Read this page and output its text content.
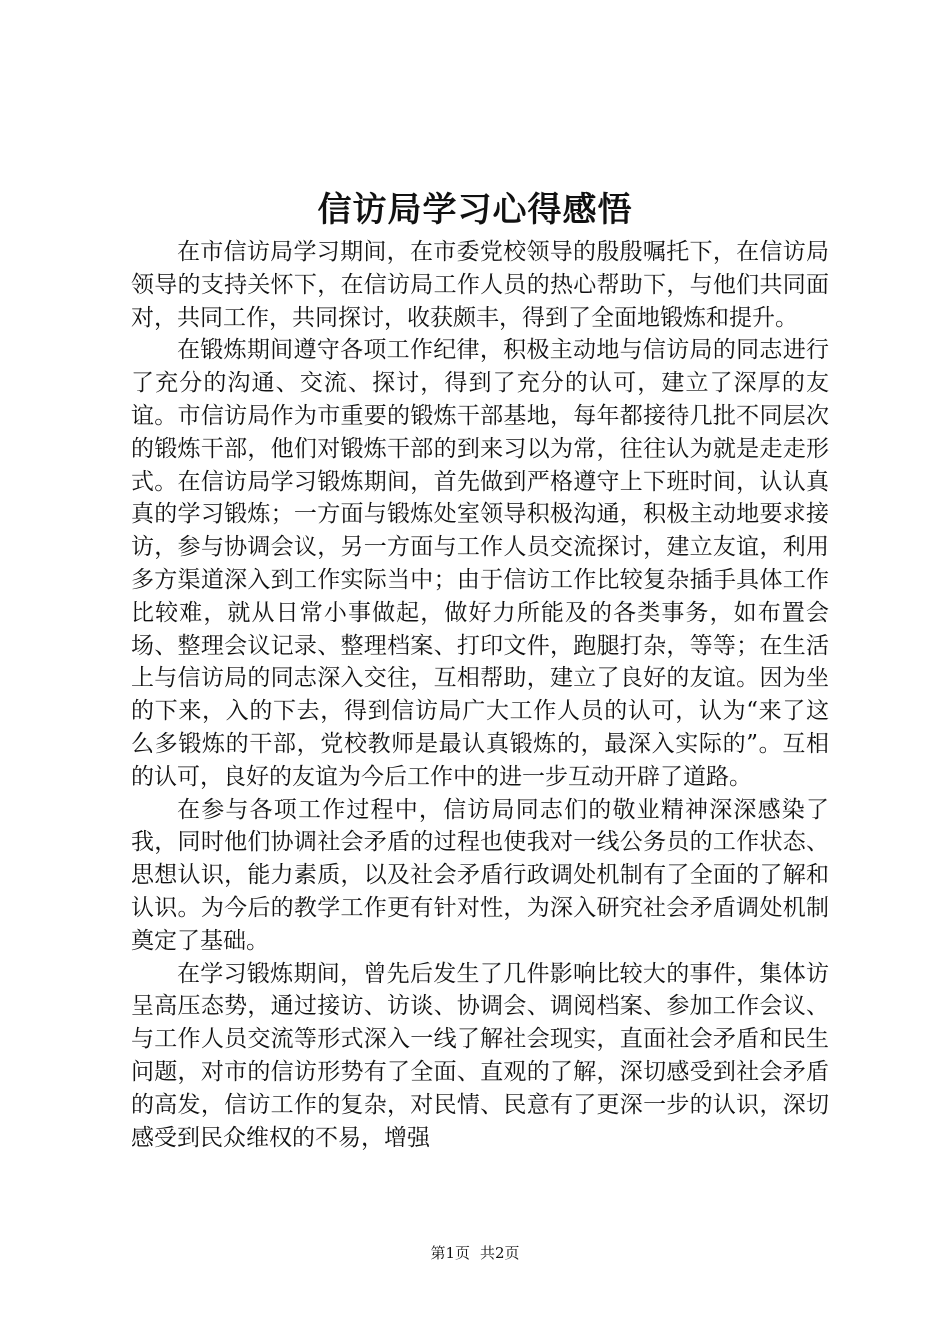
信访局学习心得感悟

在市信访局学习期间，在市委党校领导的殷殷嘱托下，在信访局领导的支持关怀下，在信访局工作人员的热心帮助下，与他们共同面对，共同工作，共同探讨，收获颇丰，得到了全面地锻炼和提升。

在锻炼期间遵守各项工作纪律，积极主动地与信访局的同志进行了充分的沟通、交流、探讨，得到了充分的认可，建立了深厚的友谊。市信访局作为市重要的锻炼干部基地，每年都接待几批不同层次的锻炼干部，他们对锻炼干部的到来习以为常，往往认为就是走走形式。在信访局学习锻炼期间，首先做到严格遵守上下班时间，认认真真的学习锻炼；一方面与锻炼处室领导积极沟通，积极主动地要求接访，参与协调会议，另一方面与工作人员交流探讨，建立友谊，利用多方渠道深入到工作实际当中；由于信访工作比较复杂插手具体工作比较难，就从日常小事做起，做好力所能及的各类事务，如布置会场、整理会议记录、整理档案、打印文件，跑腿打杂，等等；在生活上与信访局的同志深入交往，互相帮助，建立了良好的友谊。因为坐的下来，入的下去，得到信访局广大工作人员的认可，认为“来了这么多锻炼的干部，党校教师是最认真锻炼的，最深入实际的”。互相的认可，良好的友谊为今后工作中的进一步互动开辟了道路。

在参与各项工作过程中，信访局同志们的敬业精神深深感染了我，同时他们协调社会矛盾的过程也使我对一线公务员的工作状态、思想认识，能力素质，以及社会矛盾行政调处机制有了全面的了解和认识。为今后的教学工作更有针对性，为深入研究社会矛盾调处机制奠定了基础。

在学习锻炼期间，曾先后发生了几件影响比较大的事件，集体访呈高压态势，通过接访、访谈、协调会、调阅档案、参加工作会议、与工作人员交流等形式深入一线了解社会现实，直面社会矛盾和民生问题，对市的信访形势有了全面、直观的了解，深切感受到社会矛盾的高发，信访工作的复杂，对民情、民意有了更深一步的认识，深切感受到民众维权的不易，增强

第1页 共2页
